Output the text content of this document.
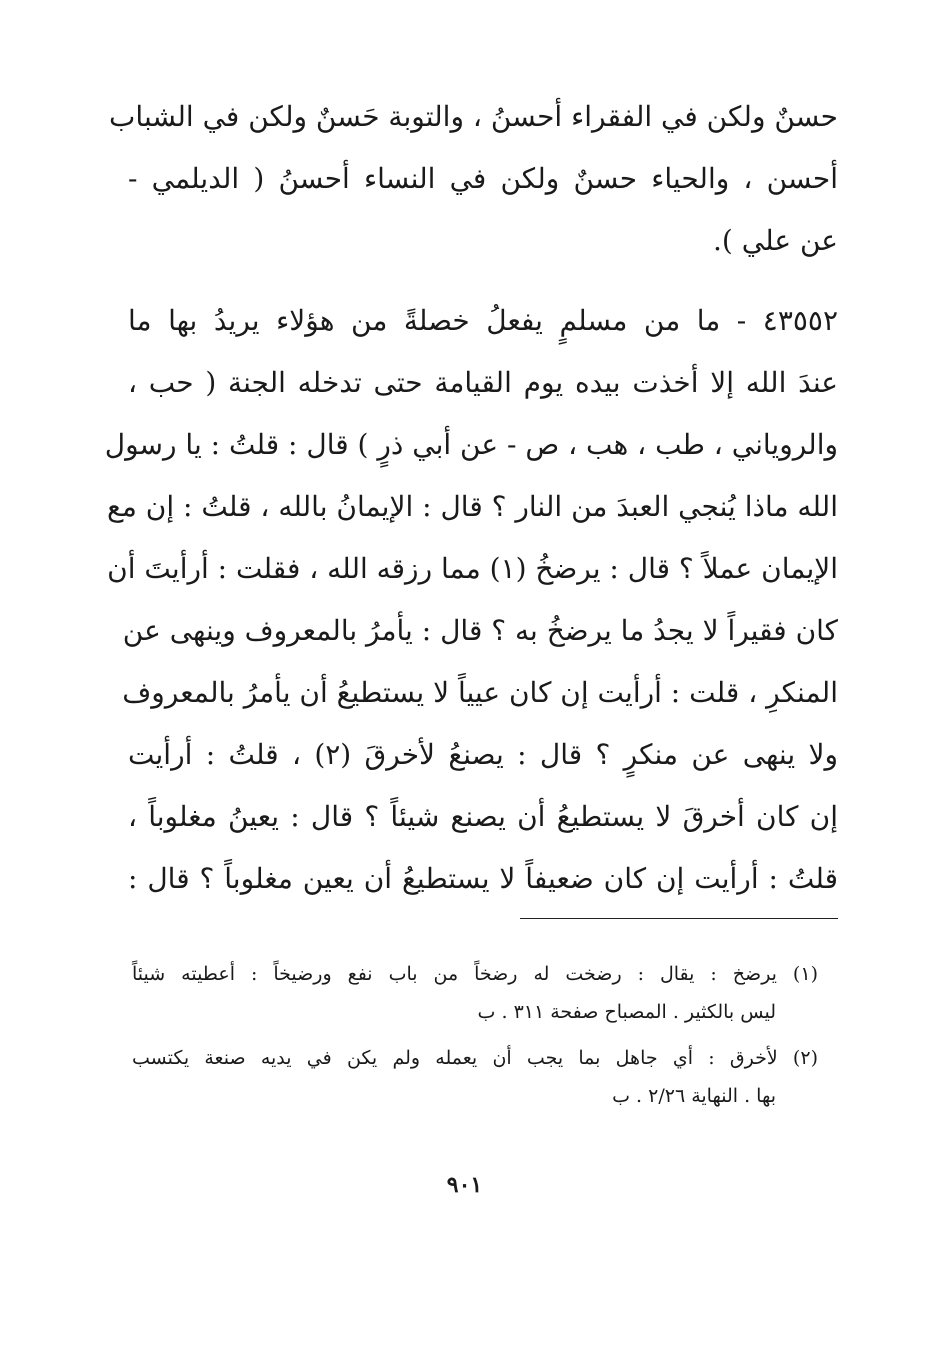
حسنٌ ولكن في الفقراء أحسنُ ، والتوبة حَسنٌ ولكن في الشباب
أحسن ، والحياء حسنٌ ولكن في النساء أحسنُ ( الديلمي -
عن علي ).
٤٣٥٥٢ - ما من مسلمٍ يفعلُ خصلةً من هؤلاء يريدُ بها ما
عندَ الله إلا أخذت بيده يوم القيامة حتى تدخله الجنة ( حب ،
والروياني ، طب ، هب ، ص - عن أبي ذرٍ ) قال : قلتُ : يا رسول
الله ماذا يُنجي العبدَ من النار ؟ قال : الإيمانُ بالله ، قلتُ : إن مع
الإيمان عملاً ؟ قال : يرضخُ (١) مما رزقه الله ، فقلت : أرأيتَ أن
كان فقيراً لا يجدُ ما يرضخُ به ؟ قال : يأمرُ بالمعروف وينهى عن
المنكرِ ، قلت : أرأيت إن كان عيياً لا يستطيعُ أن يأمرُ بالمعروف
ولا ينهى عن منكرٍ ؟ قال : يصنعُ لأخرقَ (٢) ، قلتُ : أرأيت
إن كان أخرقَ لا يستطيعُ أن يصنع شيئاً ؟ قال : يعينُ مغلوباً ،
قلتُ : أرأيت إن كان ضعيفاً لا يستطيعُ أن يعين مغلوباً ؟ قال :
(١) يرضخ : يقال : رضخت له رضخاً من باب نفع ورضيخاً : أعطيته شيئاً
ليس بالكثير . المصباح صفحة ٣١١ . ب
(٢) لأخرق : أي جاهل بما يجب أن يعمله ولم يكن في يديه صنعة يكتسب
بها . النهاية ٢/٢٦ . ب
٩٠١
